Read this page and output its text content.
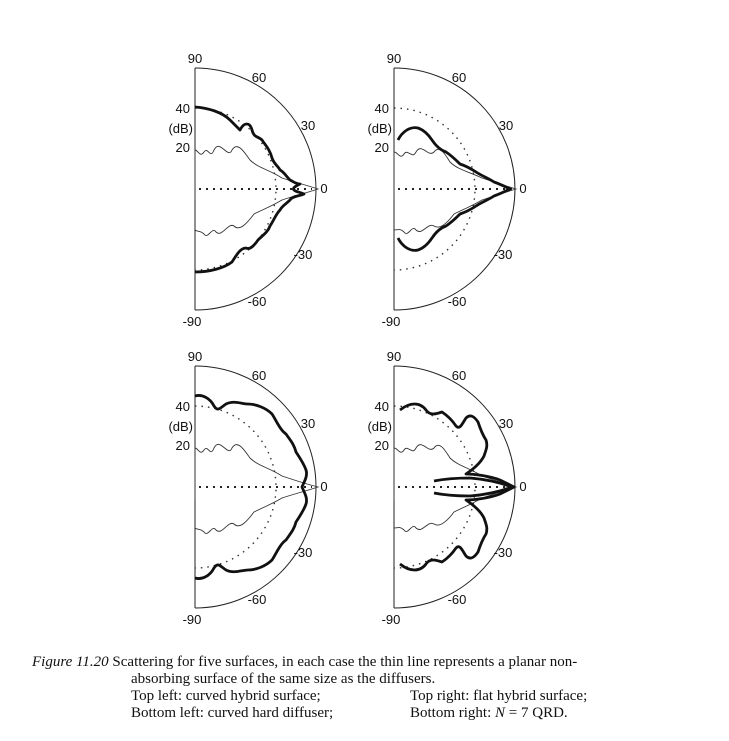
90
60
30
0
-30
-60
-90
40
(dB)
20
90
60
30
0
-30
-60
-90
40
(dB)
20
90
60
30
0
-30
-60
-90
40
(dB)
20
90
60
30
0
-30
-60
-90
40
(dB)
20
Figure 11.20 Scattering for five surfaces, in each case the thin line represents a planar non-
absorbing surface of the same size as the diffusers.
Top left: curved hybrid surface;	Top right: flat hybrid surface;
Bottom left: curved hard diffuser;	Bottom right: N = 7 QRD.
